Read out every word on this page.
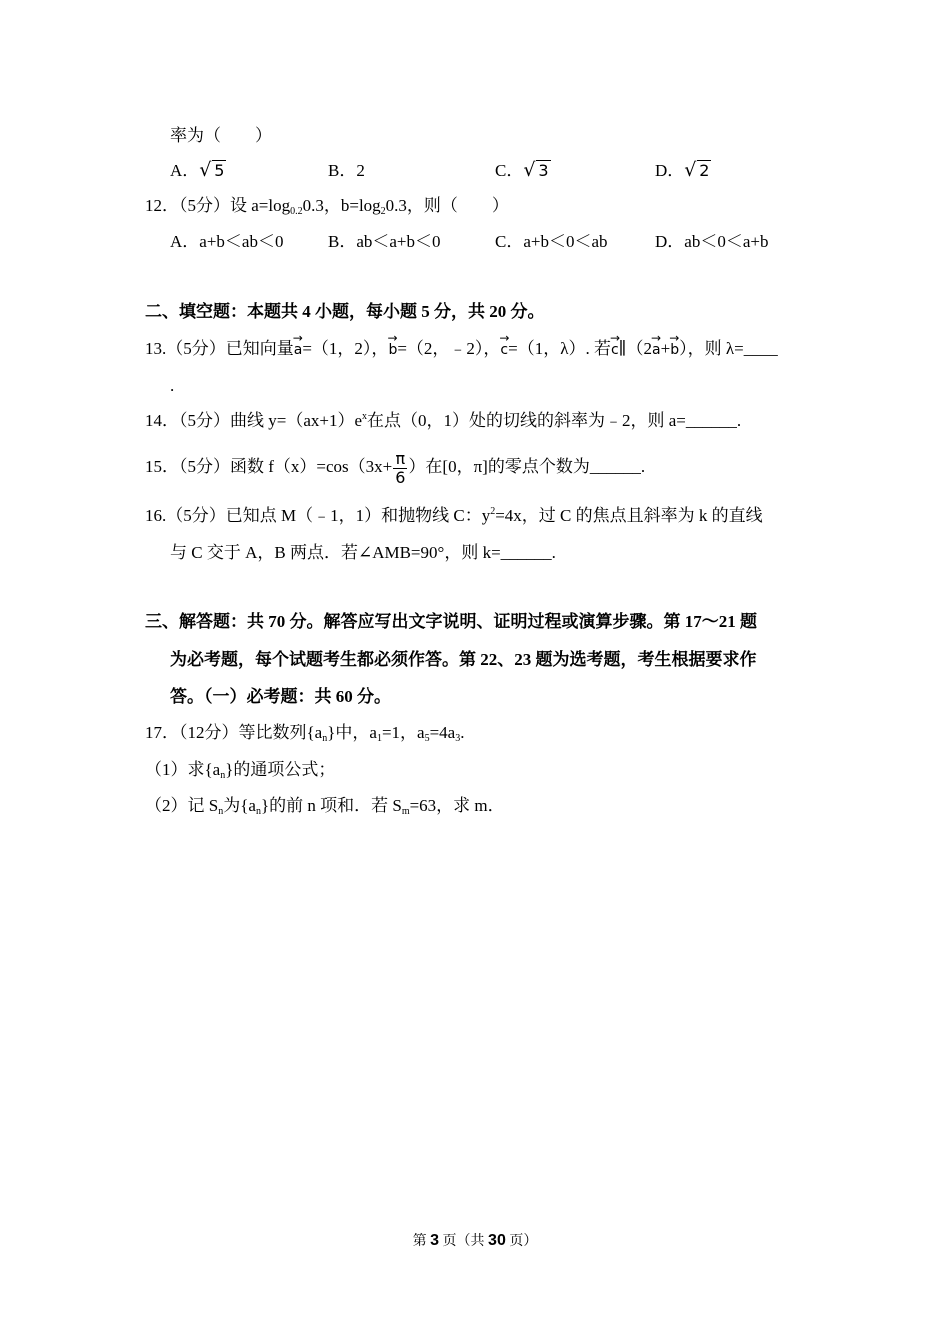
率为（　　）
A． √ 5	B．2	C． √ 3	D． √ 2
12．（5分）设 $a=\log_{0.2}0.3$，$b=\log_20.3$，则（　　）
A．a+b＜ab＜0	B．ab＜a+b＜0	C．a+b＜0＜ab	D．ab＜0＜a+b
二、填空题：本题共 4 小题，每小题 5 分，共 20 分。
13.（5分）已知向量→ a=（1，2），→ b=（2，﹣2），→ c=（1，λ）. 若→ c∥（2→ a+→ b），则 λ=____
.
14．（5分）曲线 $y=(ax+1)e^x$在点（0，1）处的切线的斜率为﹣2，则 a=______.
15．（5分）函数 $f(x)=\cos(3x+ \frac{\pi}{6}$ ）在[0，π]的零点个数为______.
16.（5分）已知点 M（﹣1，1）和抛物线 C：$y^2=4x$，过 C 的焦点且斜率为 k 的直线
与 C 交于 A，B 两点．若∠AMB=90°，则 k=______.
三、解答题：共 70 分。解答应写出文字说明、证明过程或演算步骤。第 17～21 题
为必考题，每个试题考生都必须作答。第 22、23 题为选考题，考生根据要求作
答。（一）必考题：共 60 分。
17．（12分）等比数列$\{a_n\}$中，$a_1=1$，$a_5=4a_3$.
（1）求$\{a_n\}$的通项公式；
（2）记 $S_n$为$\{a_n\}$的前 n 项和．若 $S_m=63$，求 m．
第 3 页（共 30 页）
